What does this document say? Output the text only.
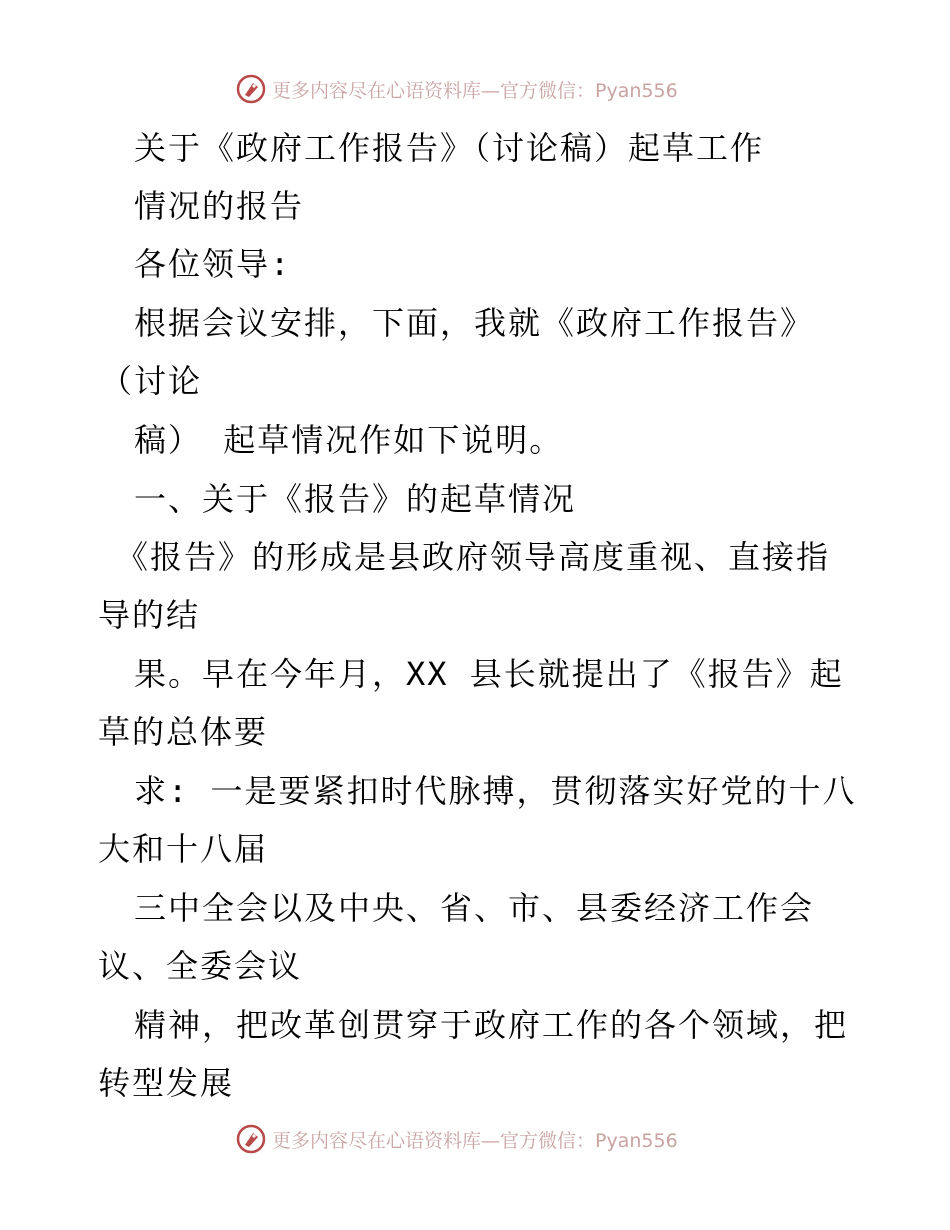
更多内容尽在心语资料库—官方微信：Pyan556
关于《政府工作报告》（讨论稿）起草工作
情况的报告
各位领导:
根据会议安排，下面，我就《政府工作报告》
（讨论
稿） 起草情况作如下说明。
一、关于《报告》的起草情况
《报告》的形成是县政府领导高度重视、直接指
导的结
果。早在今年月，XX 县长就提出了《报告》起
草的总体要
求: 一是要紧扣时代脉搏，贯彻落实好党的十八
大和十八届
三中全会以及中央、省、市、县委经济工作会
议、全委会议
精神，把改革创贯穿于政府工作的各个领域，把
转型发展
更多内容尽在心语资料库—官方微信：Pyan556
